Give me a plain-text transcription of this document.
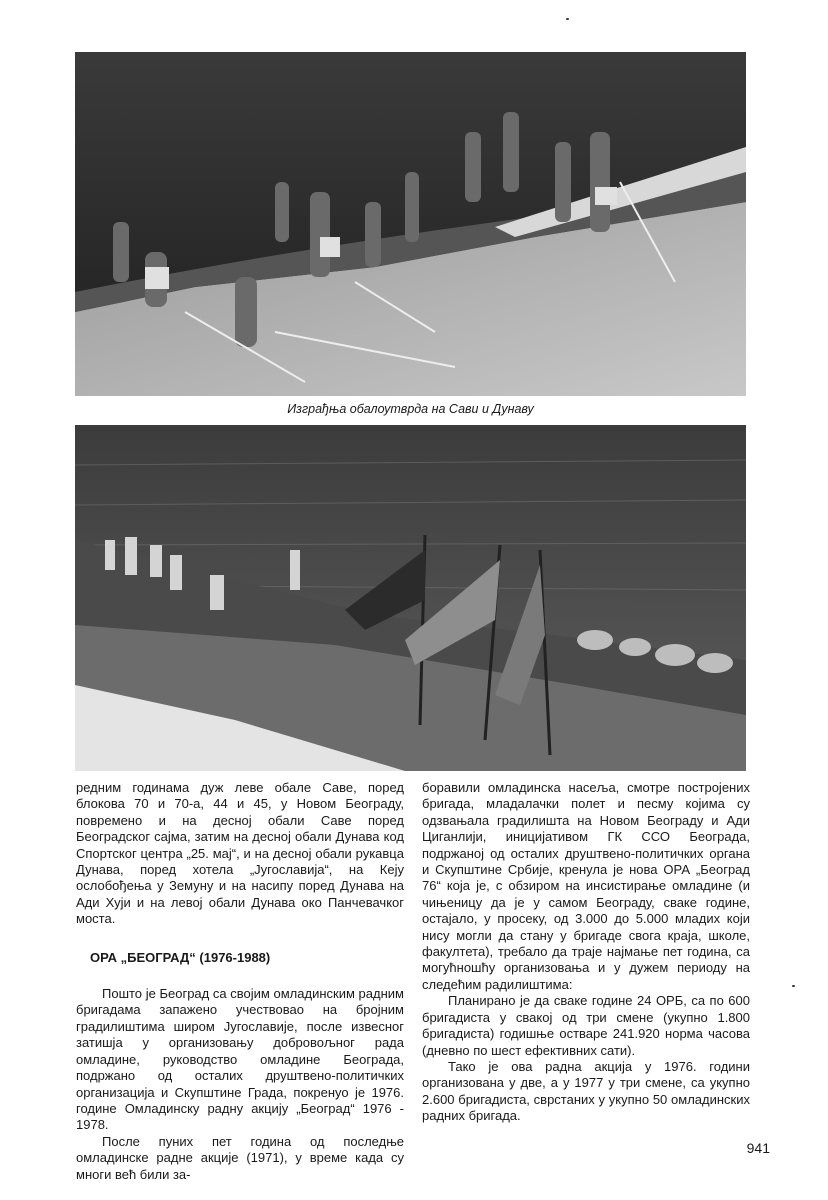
Изграђња обалоутврда на Сави и Дунаву

редним годинама дуж леве обале Саве, поред блокова 70 и 70-а, 44 и 45, у Новом Београду, повремено и на десној обали Саве поред Београдског сајма, затим на десној обали Дунава код Спортског центра „25. мај“, и на десној обали рукавца Дунава, поред хотела „Југославија“, на Кеју ослобођења у Земуну и на насипу поред Дунава на Ади Хуји и на левој обали Дунава око Панчевачког моста.

ОРА „БЕОГРАД“ (1976-1988)

Пошто је Београд са својим омладинским радним бригадама запажено учествовао на бројним градилиштима широм Југославије, после извесног затишја у организовању добровољног рада омладине, руководство омладине Београда, подржано од осталих друштвено-политичких организација и Скупштине Града, покренуо је 1976. године Омладинску радну акцију „Београд“ 1976 - 1978.

После пуних пет година од последње омладинске радне акције (1971), у време када су многи већ били за-

боравили омладинска насеља, смотре постројених бригада, младалачки полет и песму којима су одзвањала градилишта на Новом Београду и Ади Циганлији, иницијативом ГК ССО Београда, подржаној од осталих друштвено-политичких органа и Скупштине Србије, кренула је нова ОРА „Београд 76“ која је, с обзиром на инсистирање омладине (и чињеницу да је у самом Београду, сваке године, остајало, у просеку, од 3.000 до 5.000 младих који нису могли да стану у бригаде свога краја, школе, факултета), требало да траје најмање пет година, са могућношћу организовања и у дужем периоду на следећим радилиштима:

Планирано је да сваке године 24 ОРБ, са по 600 бригадиста у свакој од три смене (укупно 1.800 бригадиста) годишње остваре 241.920 норма часова (дневно по шест ефективних сати).

Тако је ова радна акција у 1976. години организована у две, а у 1977 у три смене, са укупно 2.600 бригадиста, сврстаних у укупно 50 омладинских радних бригада.

941
